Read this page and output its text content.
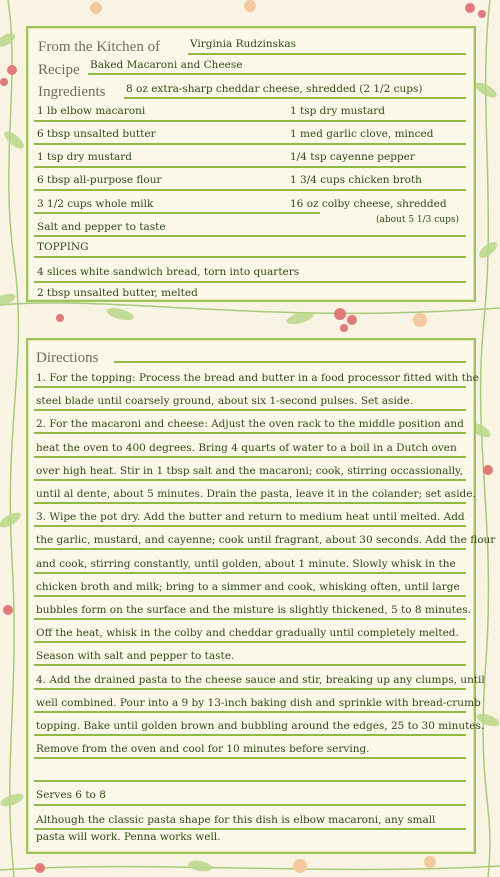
From the Kitchen of	Virginia Rudzinskas
Recipe Baked Macaroni and Cheese
Ingredients 8 oz extra-sharp cheddar cheese, shredded (2 1/2 cups)
1 lb elbow macaroni	1 tsp dry mustard
6 tbsp unsalted butter	1 med garlic clove, minced
1 tsp dry mustard	1/4 tsp cayenne pepper
6 tbsp all-purpose flour	1 3/4 cups chicken broth
3 1/2 cups whole milk	16 oz colby cheese, shredded
(about 5 1/3 cups)
Salt and pepper to taste
TOPPING
4 slices white sandwich bread, torn into quarters
2 tbsp unsalted butter, melted
Directions
1. For the topping: Process the bread and butter in a food processor fitted with the
steel blade until coarsely ground, about six 1-second pulses. Set aside.
2. For the macaroni and cheese: Adjust the oven rack to the middle position and
heat the oven to 400 degrees. Bring 4 quarts of water to a boil in a Dutch oven
over high heat. Stir in 1 tbsp salt and the macaroni; cook, stirring occassionally,
until al dente, about 5 minutes. Drain the pasta, leave it in the colander; set aside.
3. Wipe the pot dry. Add the butter and return to medium heat until melted. Add
the garlic, mustard, and cayenne; cook until fragrant, about 30 seconds. Add the flour
and cook, stirring constantly, until golden, about 1 minute. Slowly whisk in the
chicken broth and milk; bring to a simmer and cook, whisking often, until large
bubbles form on the surface and the misture is slightly thickened, 5 to 8 minutes.
Off the heat, whisk in the colby and cheddar gradually until completely melted.
Season with salt and pepper to taste.
4. Add the drained pasta to the cheese sauce and stir, breaking up any clumps, until
well combined. Pour into a 9 by 13-inch baking dish and sprinkle with bread-crumb
topping. Bake until golden brown and bubbling around the edges, 25 to 30 minutes.
Remove from the oven and cool for 10 minutes before serving.
Serves 6 to 8
Although the classic pasta shape for this dish is elbow macaroni, any small
pasta will work. Penna works well.
